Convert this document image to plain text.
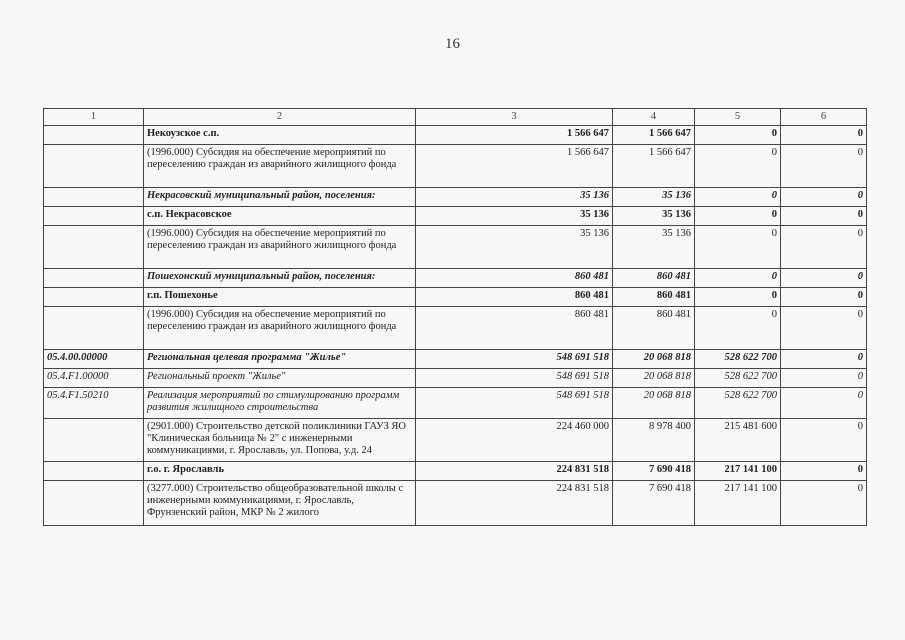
16
1	2	3	4	5	6
	Некоузское с.п.	1 566 647	1 566 647	0	0
	(1996.000) Субсидия на обеспечение мероприятий по переселению граждан из аварийного жилищного фонда	1 566 647	1 566 647	0	0
	Некрасовский муниципальный район, поселения:	35 136	35 136	0	0
	с.п. Некрасовское	35 136	35 136	0	0
	(1996.000) Субсидия на обеспечение мероприятий по переселению граждан из аварийного жилищного фонда	35 136	35 136	0	0
	Пошехонский муниципальный район, поселения:	860 481	860 481	0	0
	г.п. Пошехонье	860 481	860 481	0	0
	(1996.000) Субсидия на обеспечение мероприятий по переселению граждан из аварийного жилищного фонда	860 481	860 481	0	0
05.4.00.00000	Региональная целевая программа "Жилье"	548 691 518	20 068 818	528 622 700	0
05.4.F1.00000	Региональный проект "Жилье"	548 691 518	20 068 818	528 622 700	0
05.4.F1.50210	Реализация мероприятий по стимулированию программ развития жилищного строительства	548 691 518	20 068 818	528 622 700	0
	(2901.000) Строительство детской поликлиники ГАУЗ ЯО "Клиническая больница № 2" с инженерными коммуникациями, г. Ярославль, ул. Попова, у.д. 24	224 460 000	8 978 400	215 481 600	0
	г.о. г. Ярославль	224 831 518	7 690 418	217 141 100	0
	(3277.000) Строительство общеобразовательной школы с инженерными коммуникациями, г. Ярославль, Фрунзенский район, МКР № 2 жилого	224 831 518	7 690 418	217 141 100	0
